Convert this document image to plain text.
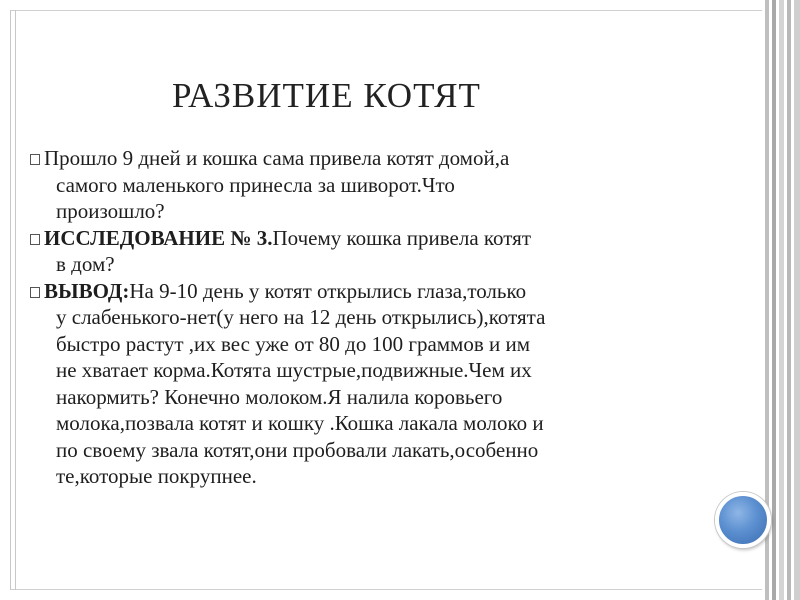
РАЗВИТИЕ КОТЯТ
Прошло 9 дней и кошка сама привела котят домой,а
самого маленького принесла за шиворот.Что
произошло?
ИССЛЕДОВАНИЕ № 3.Почему кошка привела котят
в дом?
ВЫВОД:На 9-10 день у котят открылись глаза,только
у слабенького-нет(у него на 12 день открылись),котята
быстро растут ,их вес уже от 80 до 100 граммов и им
не хватает корма.Котята шустрые,подвижные.Чем их
накормить? Конечно молоком.Я налила коровьего
молока,позвала котят и кошку .Кошка лакала молоко и
по своему звала котят,они пробовали лакать,особенно
те,которые покрупнее.
